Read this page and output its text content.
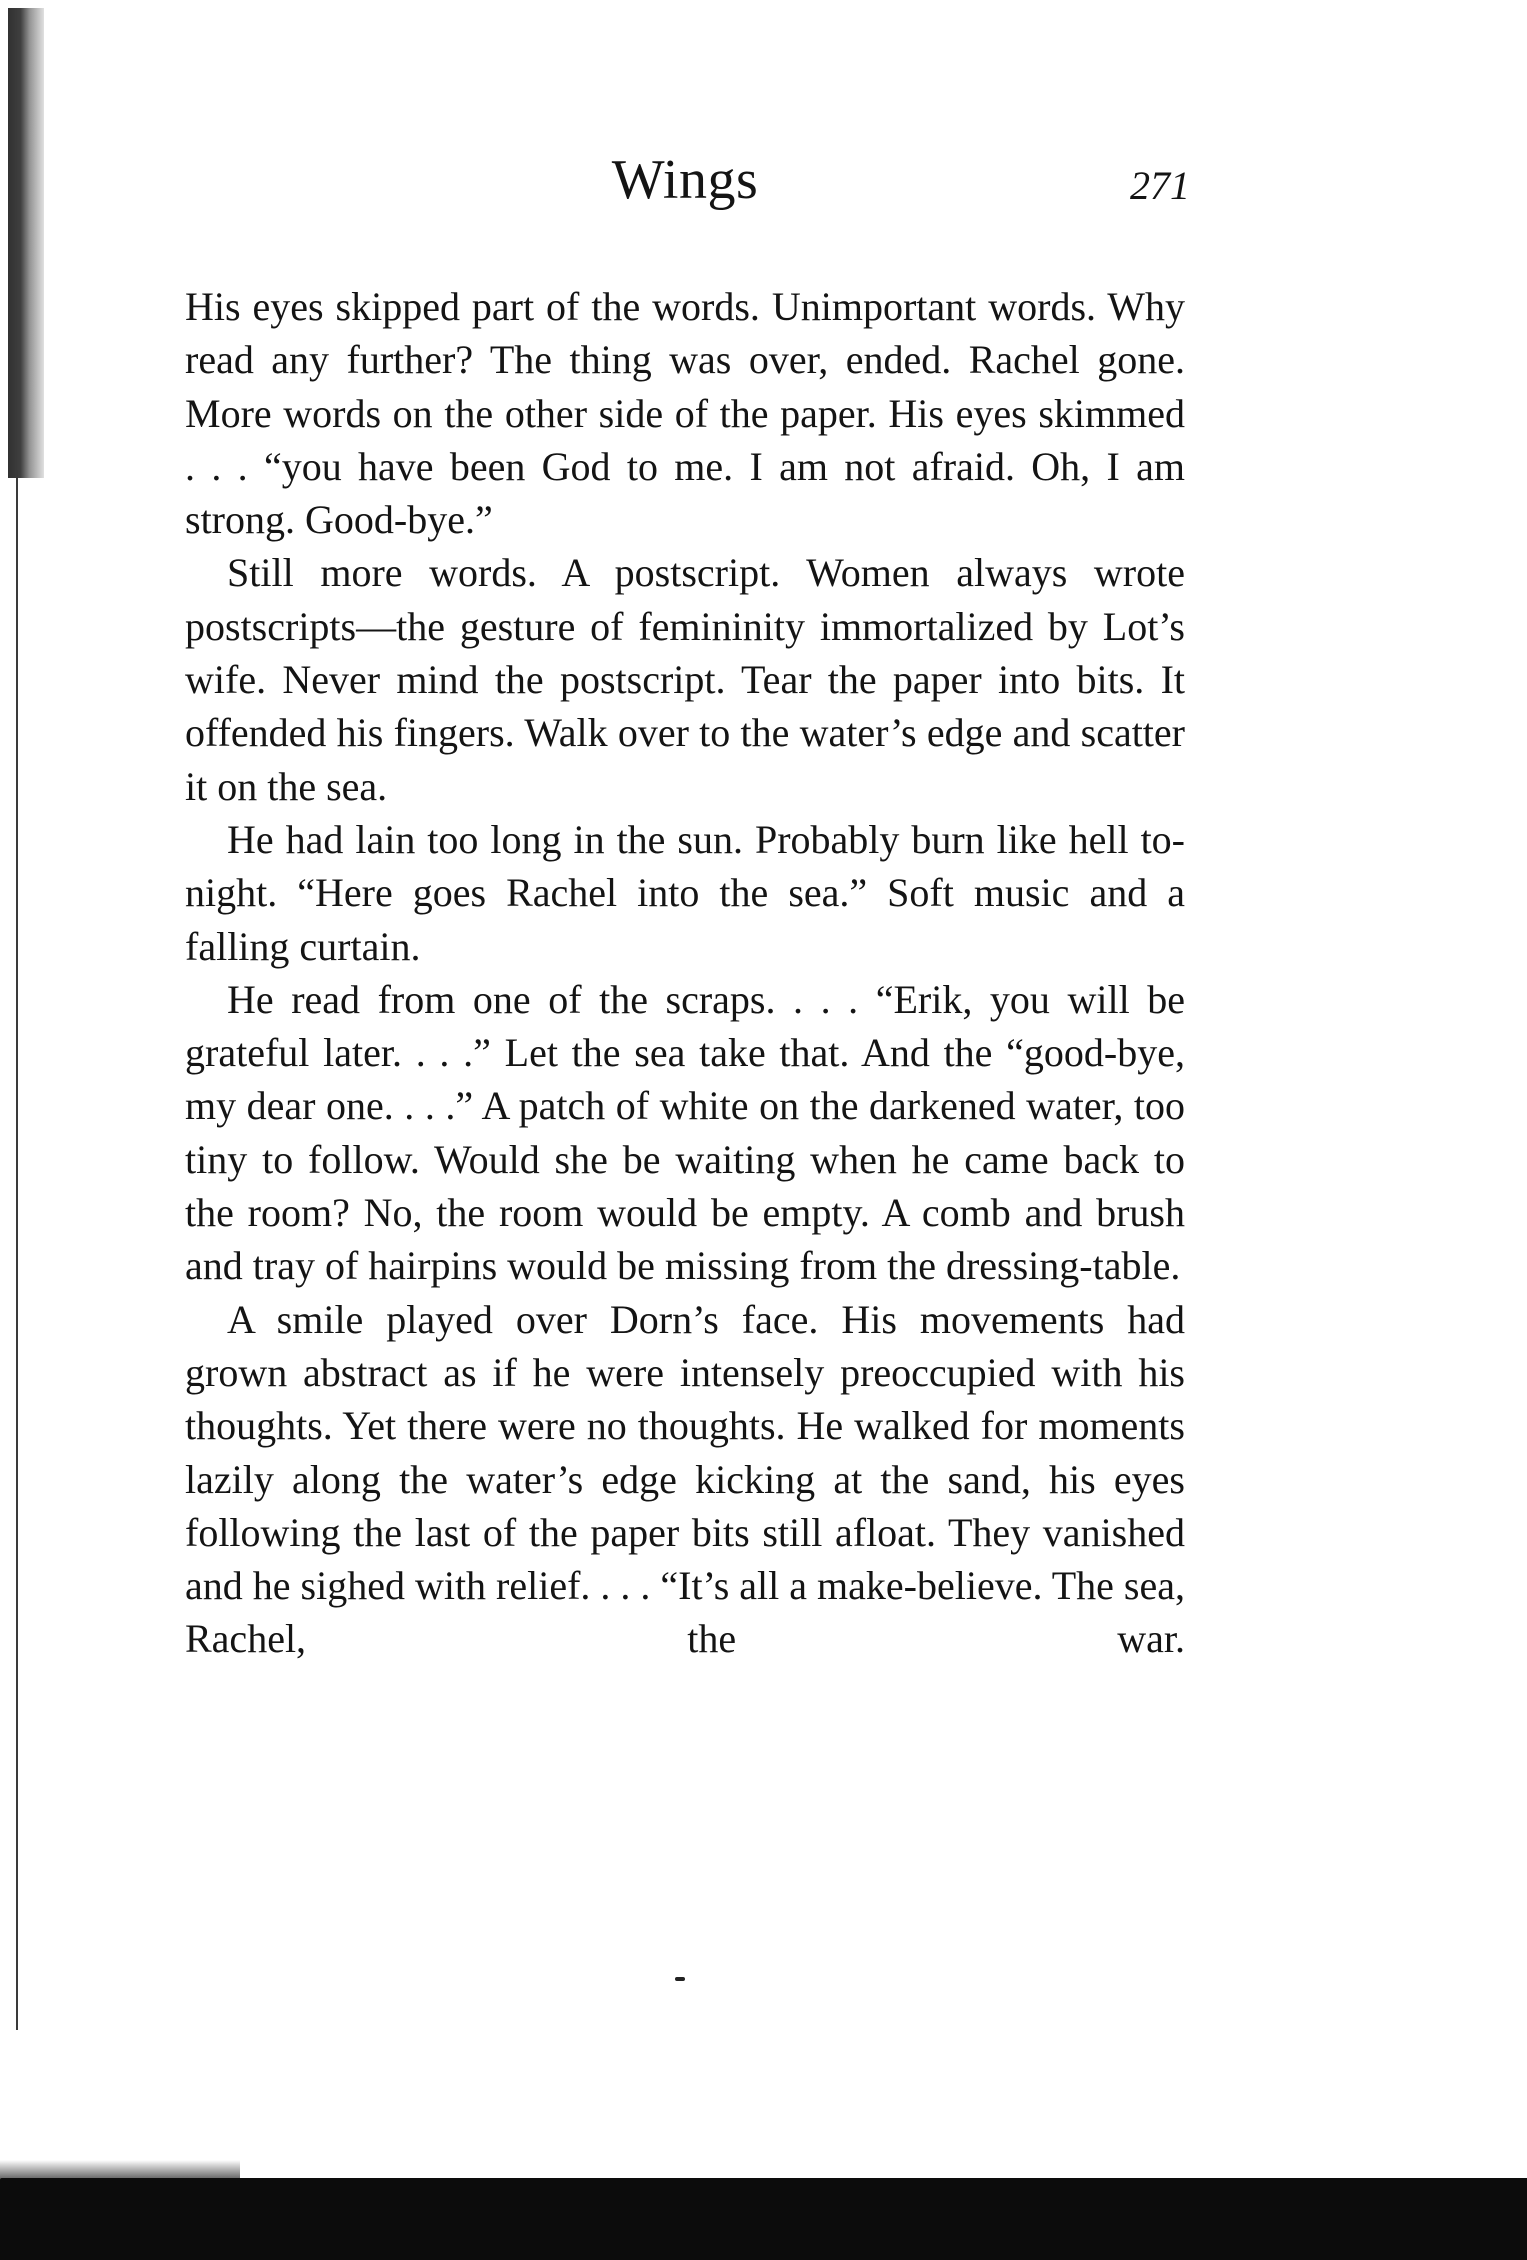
Wings	271

His eyes skipped part of the words. Unimportant words. Why read any further? The thing was over, ended. Rachel gone. More words on the other side of the paper. His eyes skimmed . . . “you have been God to me. I am not afraid. Oh, I am strong. Good-bye.”

Still more words. A postscript. Women always wrote postscripts—the gesture of femininity immortalized by Lot’s wife. Never mind the postscript. Tear the paper into bits. It offended his fingers. Walk over to the water’s edge and scatter it on the sea.

He had lain too long in the sun. Probably burn like hell to-night. “Here goes Rachel into the sea.” Soft music and a falling curtain.

He read from one of the scraps. . . . “Erik, you will be grateful later. . . .” Let the sea take that. And the “good-bye, my dear one. . . .” A patch of white on the darkened water, too tiny to follow. Would she be waiting when he came back to the room? No, the room would be empty. A comb and brush and tray of hairpins would be missing from the dressing-table.

A smile played over Dorn’s face. His movements had grown abstract as if he were intensely preoccupied with his thoughts. Yet there were no thoughts. He walked for moments lazily along the water’s edge kicking at the sand, his eyes following the last of the paper bits still afloat. They vanished and he sighed with relief. . . . “It’s all a make-believe. The sea, Rachel, the war.
